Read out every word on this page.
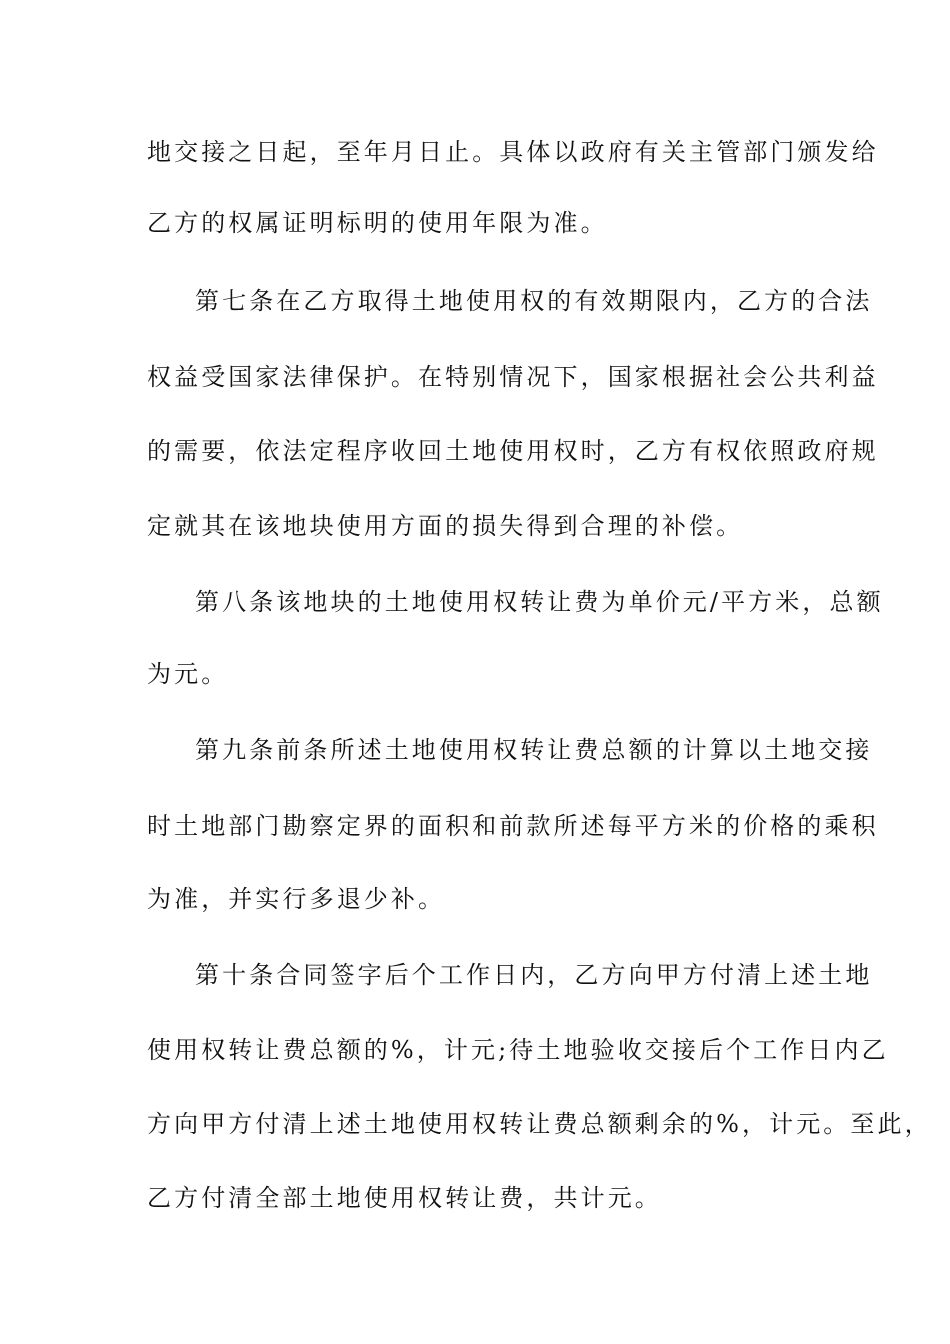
地交接之日起，至年月日止。具体以政府有关主管部门颁发给
乙方的权属证明标明的使用年限为准。
第七条在乙方取得土地使用权的有效期限内，乙方的合法
权益受国家法律保护。在特别情况下，国家根据社会公共利益
的需要，依法定程序收回土地使用权时，乙方有权依照政府规
定就其在该地块使用方面的损失得到合理的补偿。
第八条该地块的土地使用权转让费为单价元/平方米，总额
为元。
第九条前条所述土地使用权转让费总额的计算以土地交接
时土地部门勘察定界的面积和前款所述每平方米的价格的乘积
为准，并实行多退少补。
第十条合同签字后个工作日内，乙方向甲方付清上述土地
使用权转让费总额的%，计元;待土地验收交接后个工作日内乙
方向甲方付清上述土地使用权转让费总额剩余的%，计元。至此，
乙方付清全部土地使用权转让费，共计元。
